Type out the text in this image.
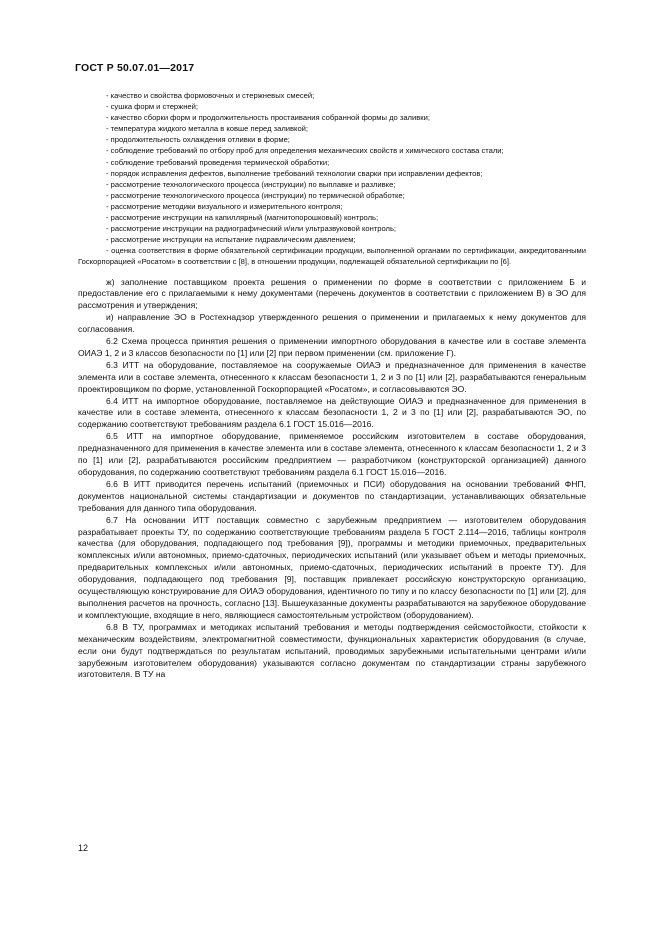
ГОСТ Р 50.07.01—2017

- качество и свойства формовочных и стержневых смесей;

- сушка форм и стержней;

- качество сборки форм и продолжительность простаивания собранной формы до заливки;

- температура жидкого металла в ковше перед заливкой;

- продолжительность охлаждения отливки в форме;

- соблюдение требований по отбору проб для определения механических свойств и химического состава стали;

- соблюдение требований проведения термической обработки;

- порядок исправления дефектов, выполнение требований технологии сварки при исправлении дефектов;

- рассмотрение технологического процесса (инструкции) по выплавке и разливке;

- рассмотрение технологического процесса (инструкции) по термической обработке;

- рассмотрение методики визуального и измерительного контроля;

- рассмотрение инструкции на капиллярный (магнитопорошковый) контроль;

- рассмотрение инструкции на радиографический и/или ультразвуковой контроль;

- рассмотрение инструкции на испытание гидравлическим давлением;

- оценка соответствия в форме обязательной сертификации продукции, выполненной органами по сертификации, аккредитованными Госкорпорацией «Росатом» в соответствии с [8], в отношении продукции, подлежащей обязательной сертификации по [6].

ж) заполнение поставщиком проекта решения о применении по форме в соответствии с приложением Б и предоставление его с прилагаемыми к нему документами (перечень документов в соответствии с приложением В) в ЭО для рассмотрения и утверждения;

и) направление ЭО в Ростехнадзор утвержденного решения о применении и прилагаемых к нему документов для согласования.

6.2 Схема процесса принятия решения о применении импортного оборудования в качестве или в составе элемента ОИАЭ 1, 2 и 3 классов безопасности по [1] или [2] при первом применении (см. приложение Г).

6.3 ИТТ на оборудование, поставляемое на сооружаемые ОИАЭ и предназначенное для применения в качестве элемента или в составе элемента, отнесенного к классам безопасности 1, 2 и 3 по [1] или [2], разрабатываются генеральным проектировщиком по форме, установленной Госкорпорацией «Росатом», и согласовываются ЭО.

6.4 ИТТ на импортное оборудование, поставляемое на действующие ОИАЭ и предназначенное для применения в качестве или в составе элемента, отнесенного к классам безопасности 1, 2 и 3 по [1] или [2], разрабатываются ЭО, по содержанию соответствуют требованиям раздела 6.1 ГОСТ 15.016—2016.

6.5 ИТТ на импортное оборудование, применяемое российским изготовителем в составе оборудования, предназначенного для применения в качестве элемента или в составе элемента, отнесенного к классам безопасности 1, 2 и 3 по [1] или [2], разрабатываются российским предприятием — разработчиком (конструкторской организацией) данного оборудования, по содержанию соответствуют требованиям раздела 6.1 ГОСТ 15.016—2016.

6.6 В ИТТ приводится перечень испытаний (приемочных и ПСИ) оборудования на основании требований ФНП, документов национальной системы стандартизации и документов по стандартизации, устанавливающих обязательные требования для данного типа оборудования.

6.7 На основании ИТТ поставщик совместно с зарубежным предприятием — изготовителем оборудования разрабатывает проекты ТУ, по содержанию соответствующие требованиям раздела 5 ГОСТ 2.114—2016, таблицы контроля качества (для оборудования, подпадающего под требования [9]), программы и методики приемочных, предварительных комплексных и/или автономных, приемо-сдаточных, периодических испытаний (или указывает объем и методы приемочных, предварительных комплексных и/или автономных, приемо-сдаточных, периодических испытаний в проекте ТУ). Для оборудования, подпадающего под требования [9], поставщик привлекает российскую конструкторскую организацию, осуществляющую конструирование для ОИАЭ оборудования, идентичного по типу и по классу безопасности по [1] или [2], для выполнения расчетов на прочность, согласно [13]. Вышеуказанные документы разрабатываются на зарубежное оборудование и комплектующие, входящие в него, являющиеся самостоятельным устройством (оборудованием).

6.8 В ТУ, программах и методиках испытаний требования и методы подтверждения сейсмостойкости, стойкости к механическим воздействиям, электромагнитной совместимости, функциональных характеристик оборудования (в случае, если они будут подтверждаться по результатам испытаний, проводимых зарубежными испытательными центрами и/или зарубежным изготовителем оборудования) указываются согласно документам по стандартизации страны зарубежного изготовителя. В ТУ на

12
